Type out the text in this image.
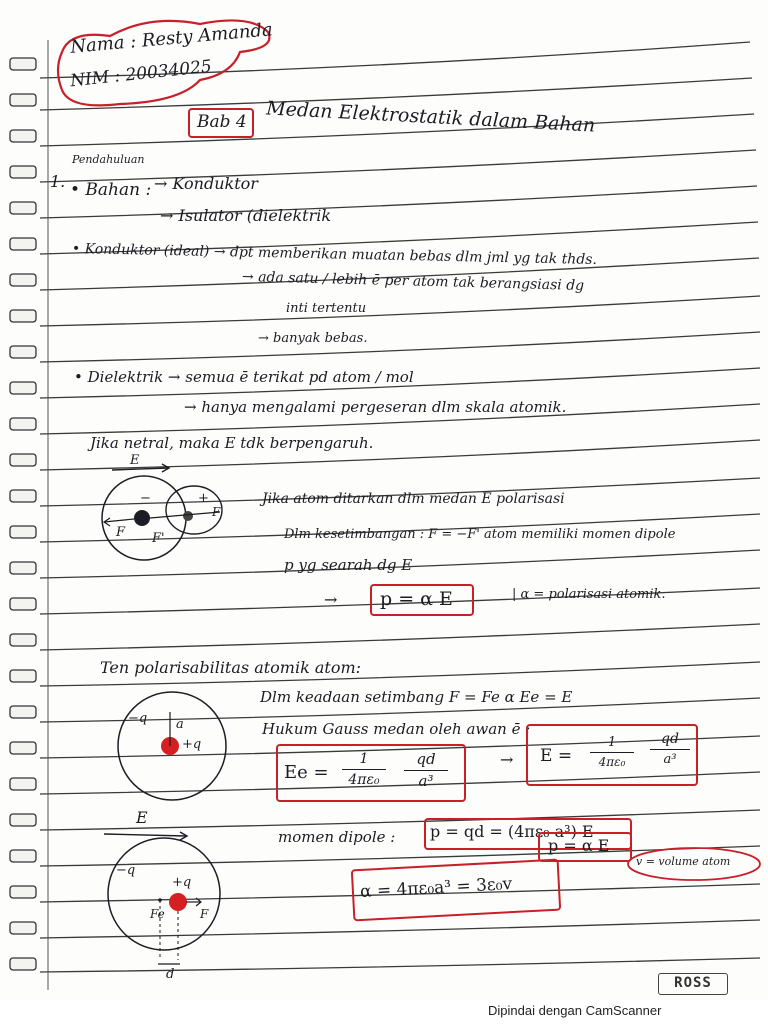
Nama : Resty Amanda
NIM : 20034025
Bab 4 Medan Elektrostatik dalam Bahan
1.
Pendahuluan
• Bahan : → Konduktor
→ Isulator (dielektrik
• Konduktor (ideal) → dpt memberikan muatan bebas dlm jml yg tak thds.
→ ada satu / lebih ē per atom tak berangsiasi dg
inti tertentu
→ banyak bebas.
• Dielektrik → semua ē terikat pd atom / mol
→ hanya mengalami pergeseran dlm skala atomik.
Jika netral, maka E tdk berpengaruh.
E
−	+
F F'
F
Jika atom ditarkan dlm medan E polarisasi
Dlm kesetimbangan : F = −F' atom memiliki momen dipole
p yg searah dg E
→ p = α E	| α = polarisasi atomik.
Ten polarisabilitas atomik atom:
Dlm keadaan setimbang F = Fe α Ee = E
Hukum Gauss medan oleh awan ē :
−q a
+q
Ee =
1
4πε₀
qd
a³
→ E =
1
4πε₀
qd
a³
momen dipole : p = qd = (4πε₀ a³) E
p = α E
α = 4πε₀a³ = 3ε₀v
v = volume atom
E
−q
+q
Fe	F
d
ROSS
Dipindai dengan CamScanner
